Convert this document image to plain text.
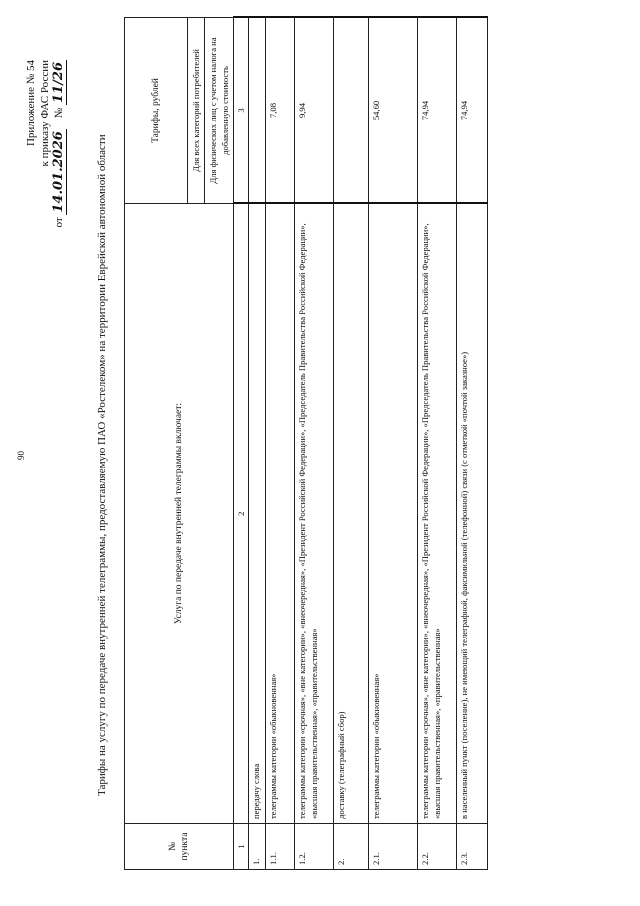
90
Приложение № 54 к приказу ФАС России
от 14.01.2026    № 11/26
Тарифы на услугу по передаче внутренней телеграммы, предоставляемую ПАО «Ростелеком» на территории Еврейской автономной области
№ пункта	Услуга по передаче внутренней телеграммы включает:	Тарифы, рублей

		Для всех категорий потребителей Для физических лиц с учетом налога на добавленную стоимость

1	2	3
1.	передачу слова	
1.1.	телеграммы категории «обыкновенная»	7,08
1.2.	телеграммы категории «срочная», «вне категории», «внеочередная», «Президент Российской Федерации», «Председатель Правительства Российской Федерации», «высшая правительственная», «правительственная»	9,94
2.	доставку (телеграфный сбор)	
2.1.	телеграммы категории «обыкновенная»	54,60
2.2.	телеграммы категории «срочная», «вне категории», «внеочередная», «Президент Российской Федерации», «Председатель Правительства Российской Федерации», «высшая правительственная», «правительственная»	74,94
2.3.	в населенный пункт (поселение), не имеющий телеграфной, факсимильной (телефонной) связи (с отметкой «почтой заказное»)	74,94
